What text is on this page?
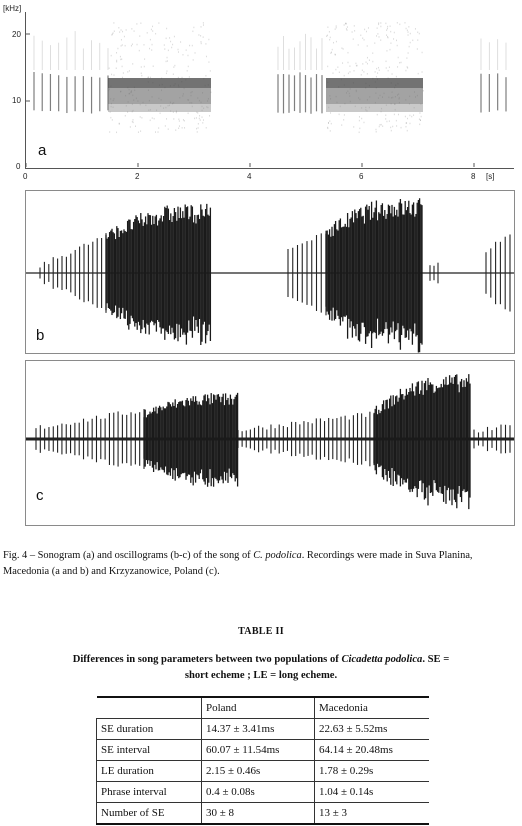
a
[kHz]
20
10
0
0	2	4	6	8 [s]
b
c
Fig. 4 – Sonogram (a) and oscillograms (b-c) of the song of C. podolica. Recordings were made in Suva Planina, Macedonia (a and b) and Krzyzanowice, Poland (c).
TABLE II
Differences in song parameters between two populations of Cicadetta podolica. SE = short echeme ; LE = long echeme.
	Poland	Macedonia
SE duration	14.37 ± 3.41ms	22.63 ± 5.52ms
SE interval	60.07 ± 11.54ms	64.14 ± 20.48ms
LE duration	2.15 ± 0.46s	1.78 ± 0.29s
Phrase interval	0.4 ± 0.08s	1.04 ± 0.14s
Number of SE	30 ± 8	13 ± 3
